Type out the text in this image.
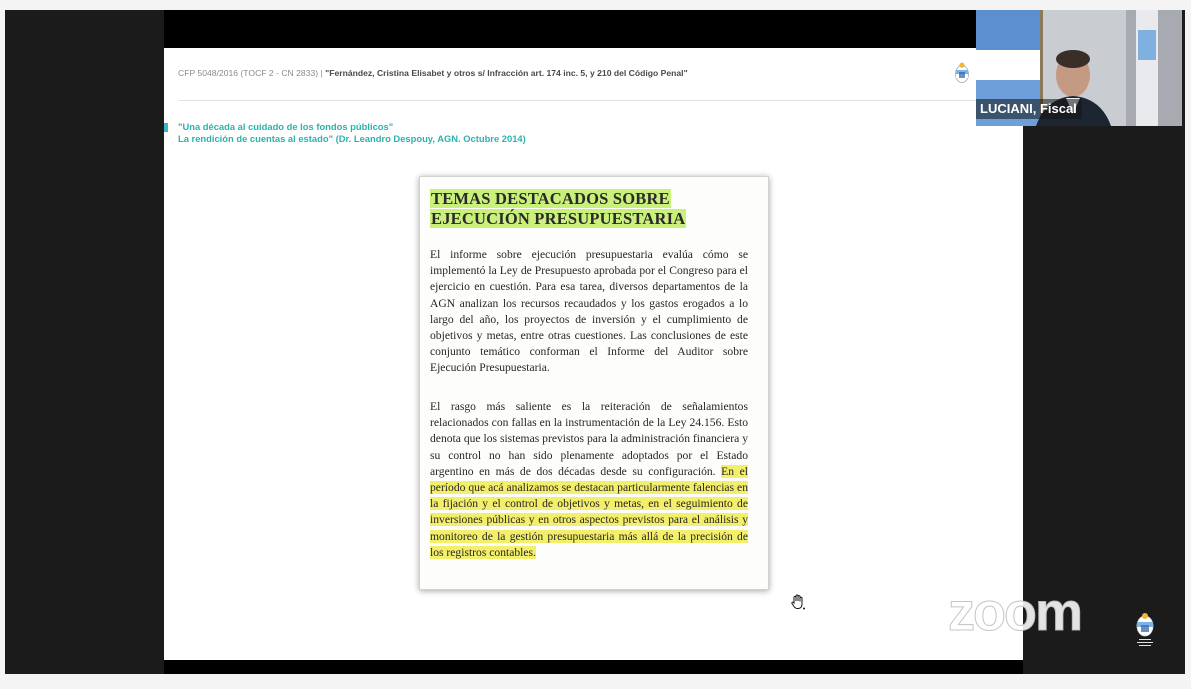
CFP 5048/2016 (TOCF 2 - CN 2833) | "Fernández, Cristina Elisabet y otros s/ Infracción art. 174 inc. 5, y 210 del Código Penal"
"Una década al cuidado de los fondos públicos"
La rendición de cuentas al estado" (Dr. Leandro Despouy, AGN. Octubre 2014)
TEMAS DESTACADOS SOBRE
EJECUCIÓN PRESUPUESTARIA
El informe sobre ejecución presupuestaria evalúa cómo se implementó la Ley de Presupuesto aprobada por el Congreso para el ejercicio en cuestión. Para esa tarea, diversos departamentos de la AGN analizan los recursos recaudados y los gastos erogados a lo largo del año, los proyectos de inversión y el cumplimiento de objetivos y metas, entre otras cuestiones. Las conclusiones de este conjunto temático conforman el Informe del Auditor sobre Ejecución Presupuestaria.
El rasgo más saliente es la reiteración de señalamientos relacionados con fallas en la instrumentación de la Ley 24.156. Esto denota que los sistemas previstos para la administración financiera y su control no han sido plenamente adoptados por el Estado argentino en más de dos décadas desde su configuración. En el período que acá analizamos se destacan particularmente falencias en la fijación y el control de objetivos y metas, en el seguimiento de inversiones públicas y en otros aspectos previstos para el análisis y monitoreo de la gestión presupuestaria más allá de la precisión de los registros contables.
LUCIANI, Fiscal
zoom
